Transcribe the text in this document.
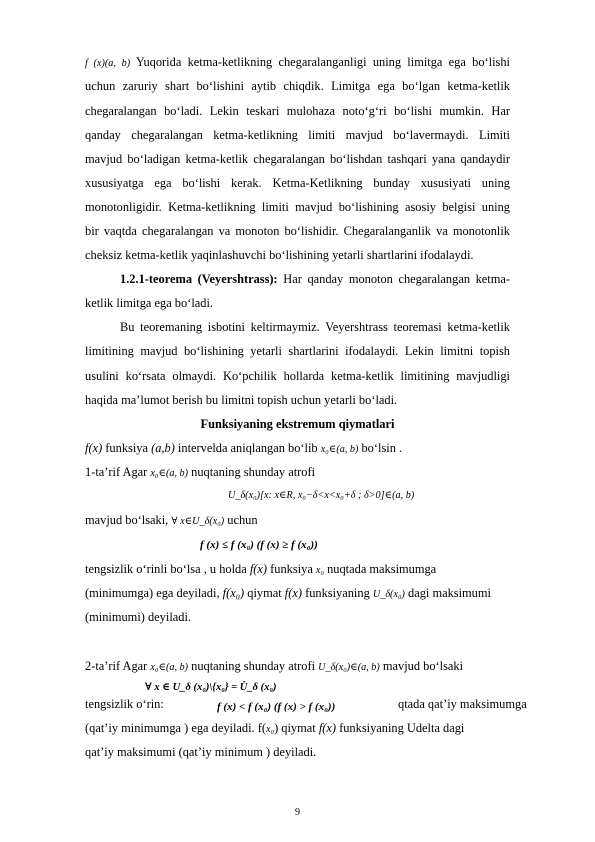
f (x)(a, b) Yuqorida ketma-ketlikning chegaralanganligi uning limitga ega bo‘lishi
uchun zaruriy shart bo‘lishini aytib chiqdik. Limitga ega bo‘lgan ketma-ketlik
chegaralangan bo‘ladi. Lekin teskari mulohaza noto‘g‘ri bo‘lishi mumkin. Har
qanday chegaralangan ketma-ketlikning limiti mavjud bo‘lavermaydi. Limiti
mavjud bo‘ladigan ketma-ketlik chegaralangan bo‘lishdan tashqari yana qandaydir
xususiyatga ega bo‘lishi kerak. Ketma-Ketlikning bunday xususiyati uning
monotonligidir. Ketma-ketlikning limiti mavjud bo‘lishining asosiy belgisi uning
bir vaqtda chegaralangan va monoton bo‘lishidir. Chegaralanganlik va monotonlik
cheksiz ketma-ketlik yaqinlashuvchi bo‘lishining yetarli shartlarini ifodalaydi.
1.2.1-teorema (Veyershtrass): Har qanday monoton chegaralangan ketma-
ketlik limitga ega bo‘ladi.
Bu teoremaning isbotini keltirmaymiz. Veyershtrass teoremasi ketma-ketlik
limitining mavjud bo‘lishining yetarli shartlarini ifodalaydi. Lekin limitni topish
usulini ko‘rsata olmaydi. Ko‘pchilik hollarda ketma-ketlik limitining mavjudligi
haqida ma’lumot berish bu limitni topish uchun yetarli bo‘ladi.
Funksiyaning ekstremum qiymatlari
f(x) funksiya (a,b) intervelda aniqlangan bo‘lib x₀∈(a, b) bo‘lsin .
1-ta’rif Agar x₀∈(a, b) nuqtaning shunday atrofi
U_δ(x₀)[x: x∈R, x₀−δ<x<x₀+δ ; δ>0]∈(a, b)
mavjud bo‘lsaki, ∀ x∈U_δ(x₀) uchun
f (x) ≤ f (x₀) (f (x) ≥ f (x₀))
tengsizlik o‘rinli bo‘lsa , u holda f(x) funksiya x₀ nuqtada maksimumga
(minimumga) ega deyiladi, f(x₀) qiymat f(x) funksiyaning U_δ(x₀) dagi maksimumi
(minimumi) deyiladi.
2-ta’rif Agar x₀∈(a, b) nuqtaning shunday atrofi U_δ(x₀)∈(a, b) mavjud bo‘lsaki
∀ x ∈ U_δ (x₀)\{x₀} = U̇_δ (x₀)
tengsizlik o‘rin:	f (x) < f (x₀) (f (x) > f (x₀))	qtada qat’iy maksimumga
(qat’iy minimumga ) ega deyiladi. f(x₀) qiymat f(x) funksiyaning Udelta dagi
qat’iy maksimumi (qat’iy minimum ) deyiladi.
9
